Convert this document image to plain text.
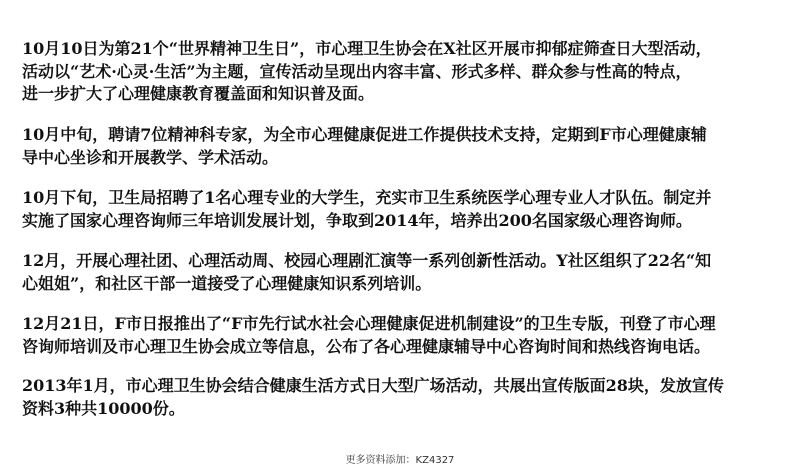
10月10日为第21个“世界精神卫生日”，市心理卫生协会在X社区开展市抑郁症筛查日大型活动，
活动以“艺术·心灵·生活”为主题，宣传活动呈现出内容丰富、形式多样、群众参与性高的特点，
进一步扩大了心理健康教育覆盖面和知识普及面。

10月中旬，聘请7位精神科专家，为全市心理健康促进工作提供技术支持，定期到F市心理健康辅
导中心坐诊和开展教学、学术活动。

10月下旬，卫生局招聘了1名心理专业的大学生，充实市卫生系统医学心理专业人才队伍。制定并
实施了国家心理咨询师三年培训发展计划，争取到2014年，培养出200名国家级心理咨询师。

12月，开展心理社团、心理活动周、校园心理剧汇演等一系列创新性活动。Y社区组织了22名“知
心姐姐”，和社区干部一道接受了心理健康知识系列培训。

12月21日，F市日报推出了“F市先行试水社会心理健康促进机制建设”的卫生专版，刊登了市心理
咨询师培训及市心理卫生协会成立等信息，公布了各心理健康辅导中心咨询时间和热线咨询电话。

2013年1月，市心理卫生协会结合健康生活方式日大型广场活动，共展出宣传版面28块，发放宣传
资料3种共10000份。

更多资料添加：KZ4327
